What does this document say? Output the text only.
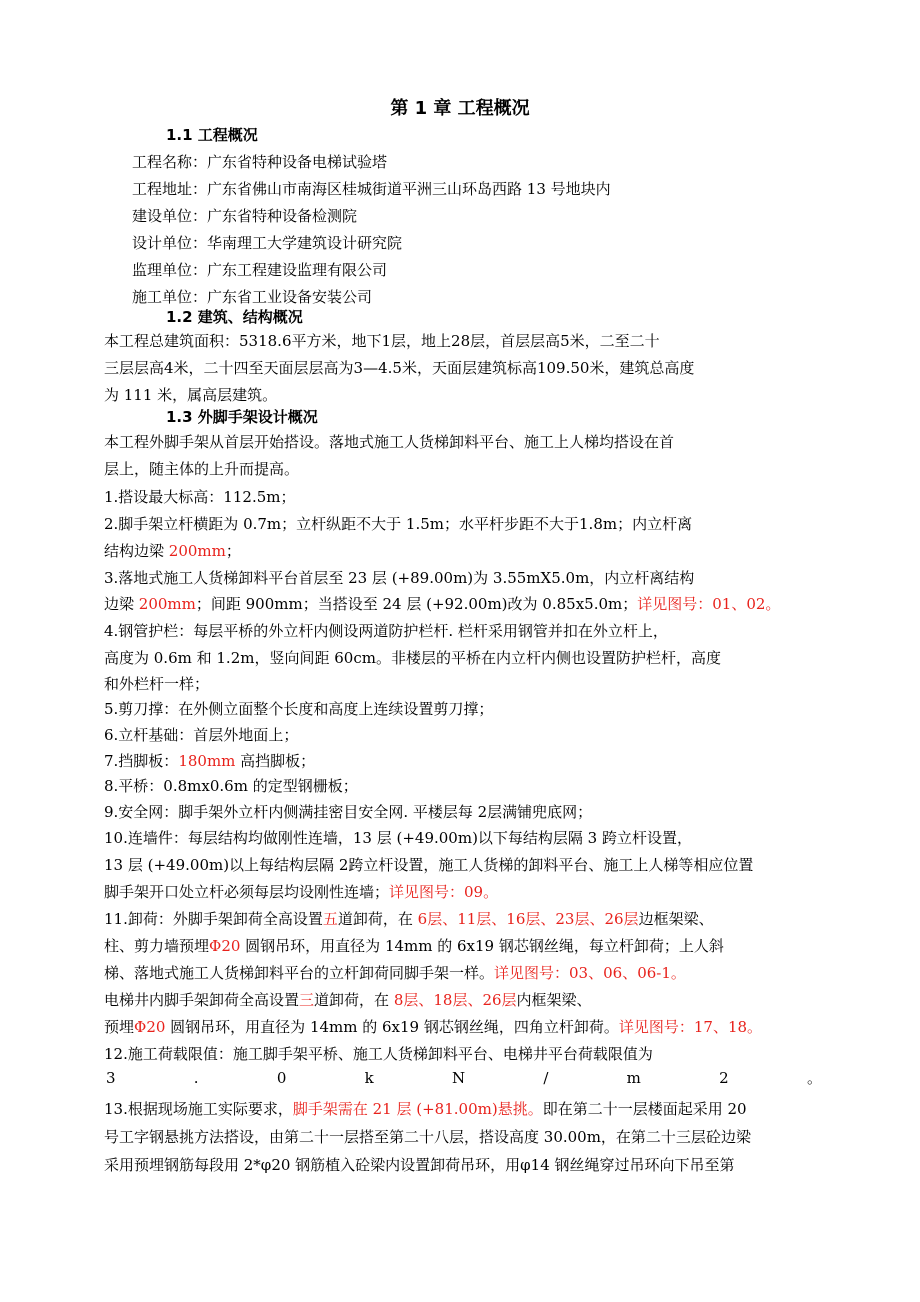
第 1 章 工程概况
1.1 工程概况
工程名称：广东省特种设备电梯试验塔
工程地址：广东省佛山市南海区桂城街道平洲三山环岛西路 13 号地块内
建设单位：广东省特种设备检测院
设计单位：华南理工大学建筑设计研究院
监理单位：广东工程建设监理有限公司
施工单位：广东省工业设备安装公司
1.2 建筑、结构概况
本工程总建筑面积：5318.6平方米，地下1层，地上28层，首层层高5米，二至二十
三层层高4米，二十四至天面层层高为3—4.5米，天面层建筑标高109.50米，建筑总高度
为 111 米，属高层建筑。
1.3 外脚手架设计概况
本工程外脚手架从首层开始搭设。落地式施工人货梯卸料平台、施工上人梯均搭设在首
层上，随主体的上升而提高。
1.搭设最大标高：112.5m；
2.脚手架立杆横距为 0.7m；立杆纵距不大于 1.5m；水平杆步距不大于1.8m；内立杆离
结构边梁 200mm；
3.落地式施工人货梯卸料平台首层至 23 层 (+89.00m)为 3.55mX5.0m，内立杆离结构
边梁 200mm；间距 900mm；当搭设至 24 层 (+92.00m)改为 0.85x5.0m；详见图号：01、02。
4.钢管护栏：每层平桥的外立杆内侧设两道防护栏杆. 栏杆采用钢管并扣在外立杆上，
高度为 0.6m 和 1.2m，竖向间距 60cm。非楼层的平桥在内立杆内侧也设置防护栏杆，高度
和外栏杆一样；
5.剪刀撑：在外侧立面整个长度和高度上连续设置剪刀撑；
6.立杆基础：首层外地面上；
7.挡脚板：180mm 高挡脚板；
8.平桥：0.8mx0.6m 的定型钢栅板；
9.安全网：脚手架外立杆内侧满挂密目安全网. 平楼层每 2层满铺兜底网；
10.连墙件：每层结构均做刚性连墙，13 层 (+49.00m)以下每结构层隔 3 跨立杆设置，
13 层 (+49.00m)以上每结构层隔 2跨立杆设置，施工人货梯的卸料平台、施工上人梯等相应位置
脚手架开口处立杆必须每层均设刚性连墙；详见图号：09。
11.卸荷：外脚手架卸荷全高设置五道卸荷，在 6层、11层、16层、23层、26层边框架梁、
柱、剪力墙预埋Φ20 圆钢吊环，用直径为 14mm 的 6x19 钢芯钢丝绳，每立杆卸荷；上人斜
梯、落地式施工人货梯卸料平台的立杆卸荷同脚手架一样。详见图号：03、06、06-1。
电梯井内脚手架卸荷全高设置三道卸荷，在 8层、18层、26层内框架梁、
预埋Φ20 圆钢吊环，用直径为 14mm 的 6x19 钢芯钢丝绳，四角立杆卸荷。详见图号：17、18。
12.施工荷载限值：施工脚手架平桥、施工人货梯卸料平台、电梯井平台荷载限值为
3	.	0	k	N	/	m	2	。
13.根据现场施工实际要求，脚手架需在 21 层 (+81.00m)悬挑。即在第二十一层楼面起采用 20
号工字钢悬挑方法搭设，由第二十一层搭至第二十八层，搭设高度 30.00m，在第二十三层砼边梁
采用预埋钢筋每段用 2*φ20 钢筋植入砼梁内设置卸荷吊环，用φ14 钢丝绳穿过吊环向下吊至第
